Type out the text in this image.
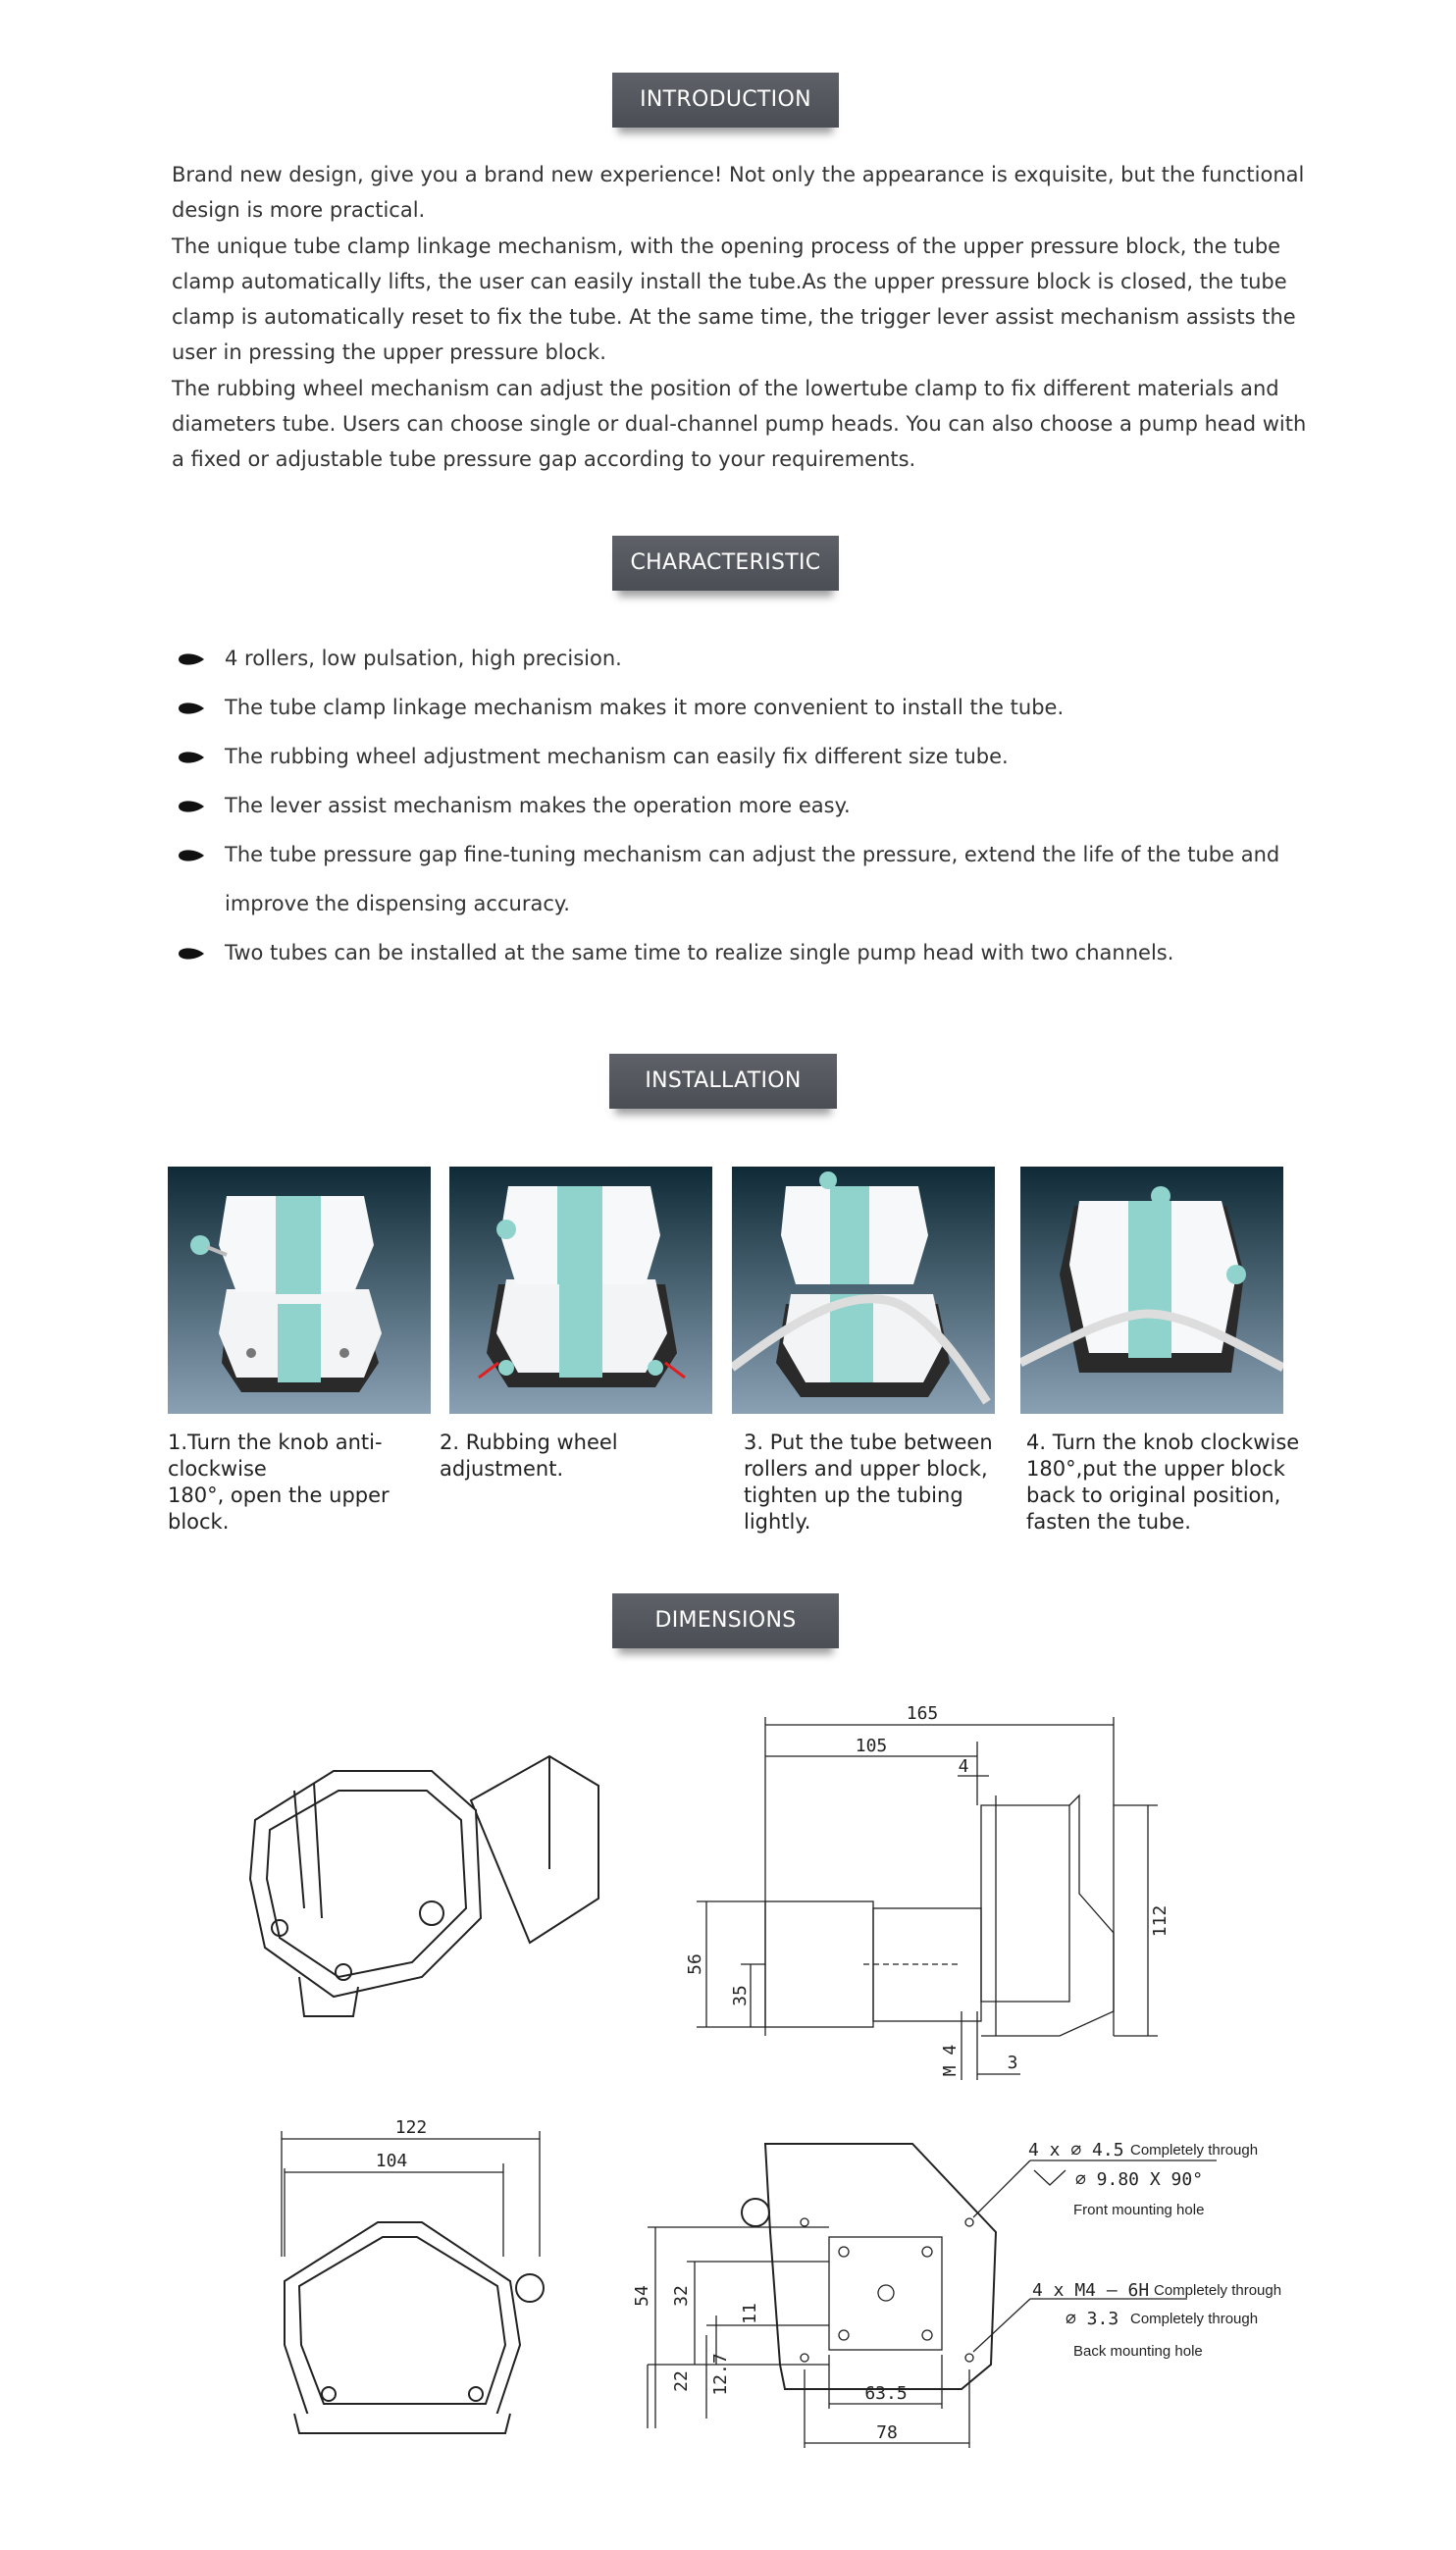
INTRODUCTION

Brand new design, give you a brand new experience! Not only the appearance is exquisite, but the functional design is more practical.

The unique tube clamp linkage mechanism, with the opening process of the upper pressure block, the tube clamp automatically lifts, the user can easily install the tube.As the upper pressure block is closed, the tube clamp is automatically reset to fix the tube. At the same time, the trigger lever assist mechanism assists the user in pressing the upper pressure block.

The rubbing wheel mechanism can adjust the position of the lowertube clamp to fix different materials and diameters tube. Users can choose single or dual-channel pump heads. You can also choose a pump head with a fixed or adjustable tube pressure gap according to your requirements.

CHARACTERISTIC
4 rollers, low pulsation, high precision.
The tube clamp linkage mechanism makes it more convenient to install the tube.
The rubbing wheel adjustment mechanism can easily fix different size tube.
The lever assist mechanism makes the operation more easy.
The tube pressure gap fine-tuning mechanism can adjust the pressure, extend the life of the tube and
improve the dispensing accuracy.
Two tubes can be installed at the same time to realize single pump head with two channels.
INSTALLATION
1.Turn the knob anti-
clockwise
180°, open the upper
block.
2. Rubbing wheel adjustment.
3. Put the tube between
rollers and upper block,
tighten up the tubing
lightly.
4. Turn the knob clockwise
180°,put the upper block
back to original position,
fasten the tube.
DIMENSIONS
165
105
4
112
56
35
M 4	3
122
104
54 32
11
22 12.7	63.5
78
4 x ∅ 4.5 Completely through
∅ 9.80 X 90°
Front mounting hole
4 x M4 — 6H Completely through
∅ 3.3 Completely through
Back mounting hole
